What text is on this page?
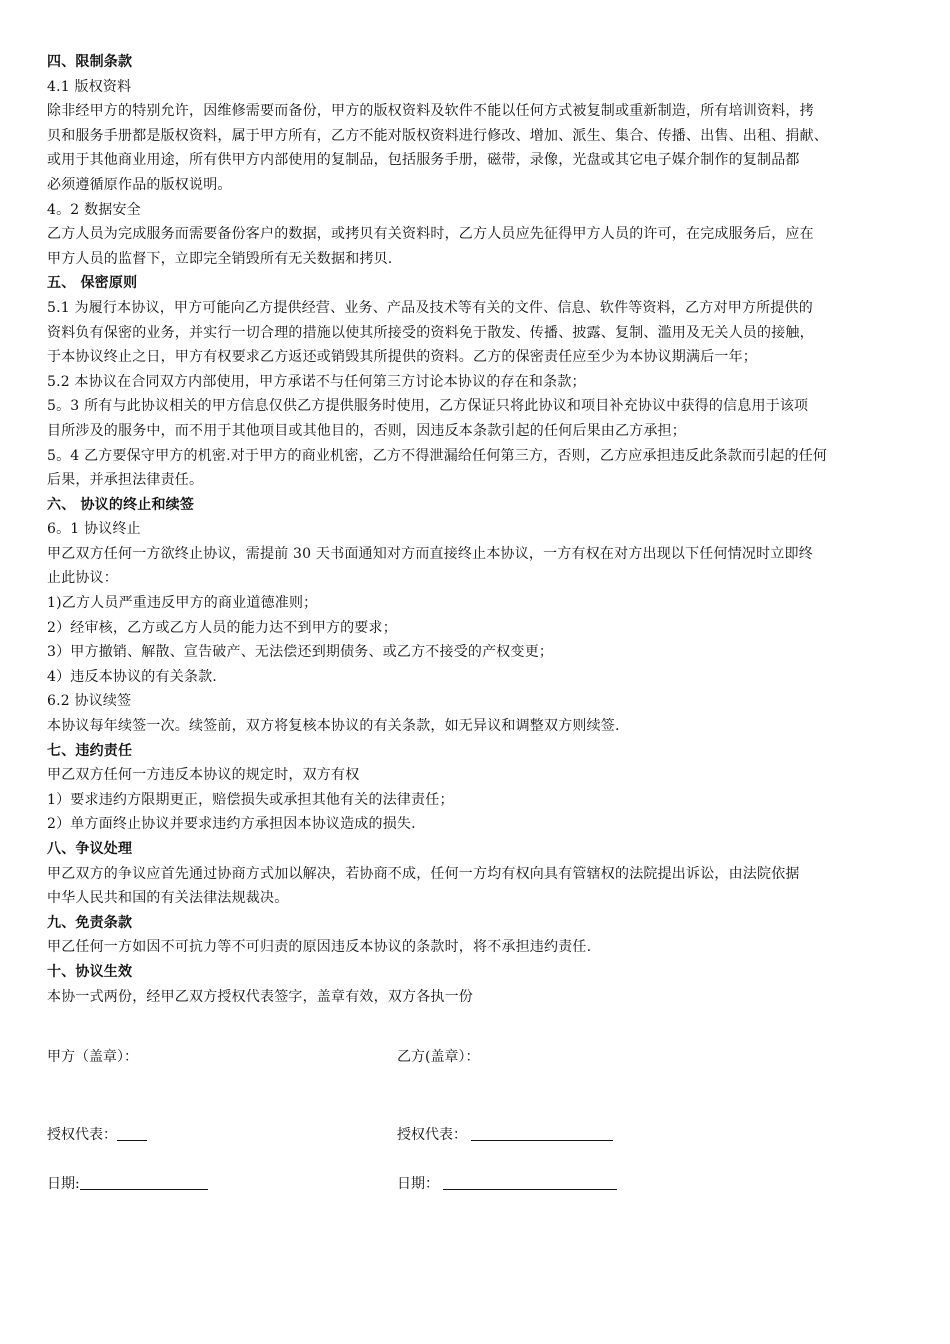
四、限制条款
4.1 版权资料
除非经甲方的特别允许，因维修需要而备份，甲方的版权资料及软件不能以任何方式被复制或重新制造，所有培训资料，拷
贝和服务手册都是版权资料，属于甲方所有，乙方不能对版权资料进行修改、增加、派生、集合、传播、出售、出租、捐献、
或用于其他商业用途，所有供甲方内部使用的复制品，包括服务手册，磁带，录像，光盘或其它电子媒介制作的复制品都
必须遵循原作品的版权说明。
4。2 数据安全
乙方人员为完成服务而需要备份客户的数据，或拷贝有关资料时，乙方人员应先征得甲方人员的许可，在完成服务后，应在
甲方人员的监督下，立即完全销毁所有无关数据和拷贝.
五、 保密原则
5.1 为履行本协议，甲方可能向乙方提供经营、业务、产品及技术等有关的文件、信息、软件等资料，乙方对甲方所提供的
资料负有保密的业务，并实行一切合理的措施以使其所接受的资料免于散发、传播、披露、复制、滥用及无关人员的接触，
于本协议终止之日，甲方有权要求乙方返还或销毁其所提供的资料。乙方的保密责任应至少为本协议期满后一年；
5.2 本协议在合同双方内部使用，甲方承诺不与任何第三方讨论本协议的存在和条款；
5。3 所有与此协议相关的甲方信息仅供乙方提供服务时使用，乙方保证只将此协议和项目补充协议中获得的信息用于该项
目所涉及的服务中，而不用于其他项目或其他目的，否则，因违反本条款引起的任何后果由乙方承担；
5。4 乙方要保守甲方的机密.对于甲方的商业机密，乙方不得泄漏给任何第三方，否则，乙方应承担违反此条款而引起的任何
后果，并承担法律责任。
六、 协议的终止和续签
6。1 协议终止
甲乙双方任何一方欲终止协议，需提前 30 天书面通知对方而直接终止本协议，一方有权在对方出现以下任何情况时立即终
止此协议：
1)乙方人员严重违反甲方的商业道德准则；
2）经审核，乙方或乙方人员的能力达不到甲方的要求；
3）甲方撤销、解散、宣告破产、无法偿还到期债务、或乙方不接受的产权变更；
4）违反本协议的有关条款.
6.2 协议续签
本协议每年续签一次。续签前，双方将复核本协议的有关条款，如无异议和调整双方则续签.
七、违约责任
甲乙双方任何一方违反本协议的规定时，双方有权
1）要求违约方限期更正，赔偿损失或承担其他有关的法律责任；
2）单方面终止协议并要求违约方承担因本协议造成的损失.
八、争议处理
甲乙双方的争议应首先通过协商方式加以解决，若协商不成，任何一方均有权向具有管辖权的法院提出诉讼，由法院依据
中华人民共和国的有关法律法规裁决。
九、免责条款
甲乙任何一方如因不可抗力等不可归责的原因违反本协议的条款时，将不承担违约责任.
十、协议生效
本协一式两份，经甲乙双方授权代表签字，盖章有效，双方各执一份
甲方（盖章）：	乙方(盖章）：
授权代表：	授权代表：
日期:	日期：
